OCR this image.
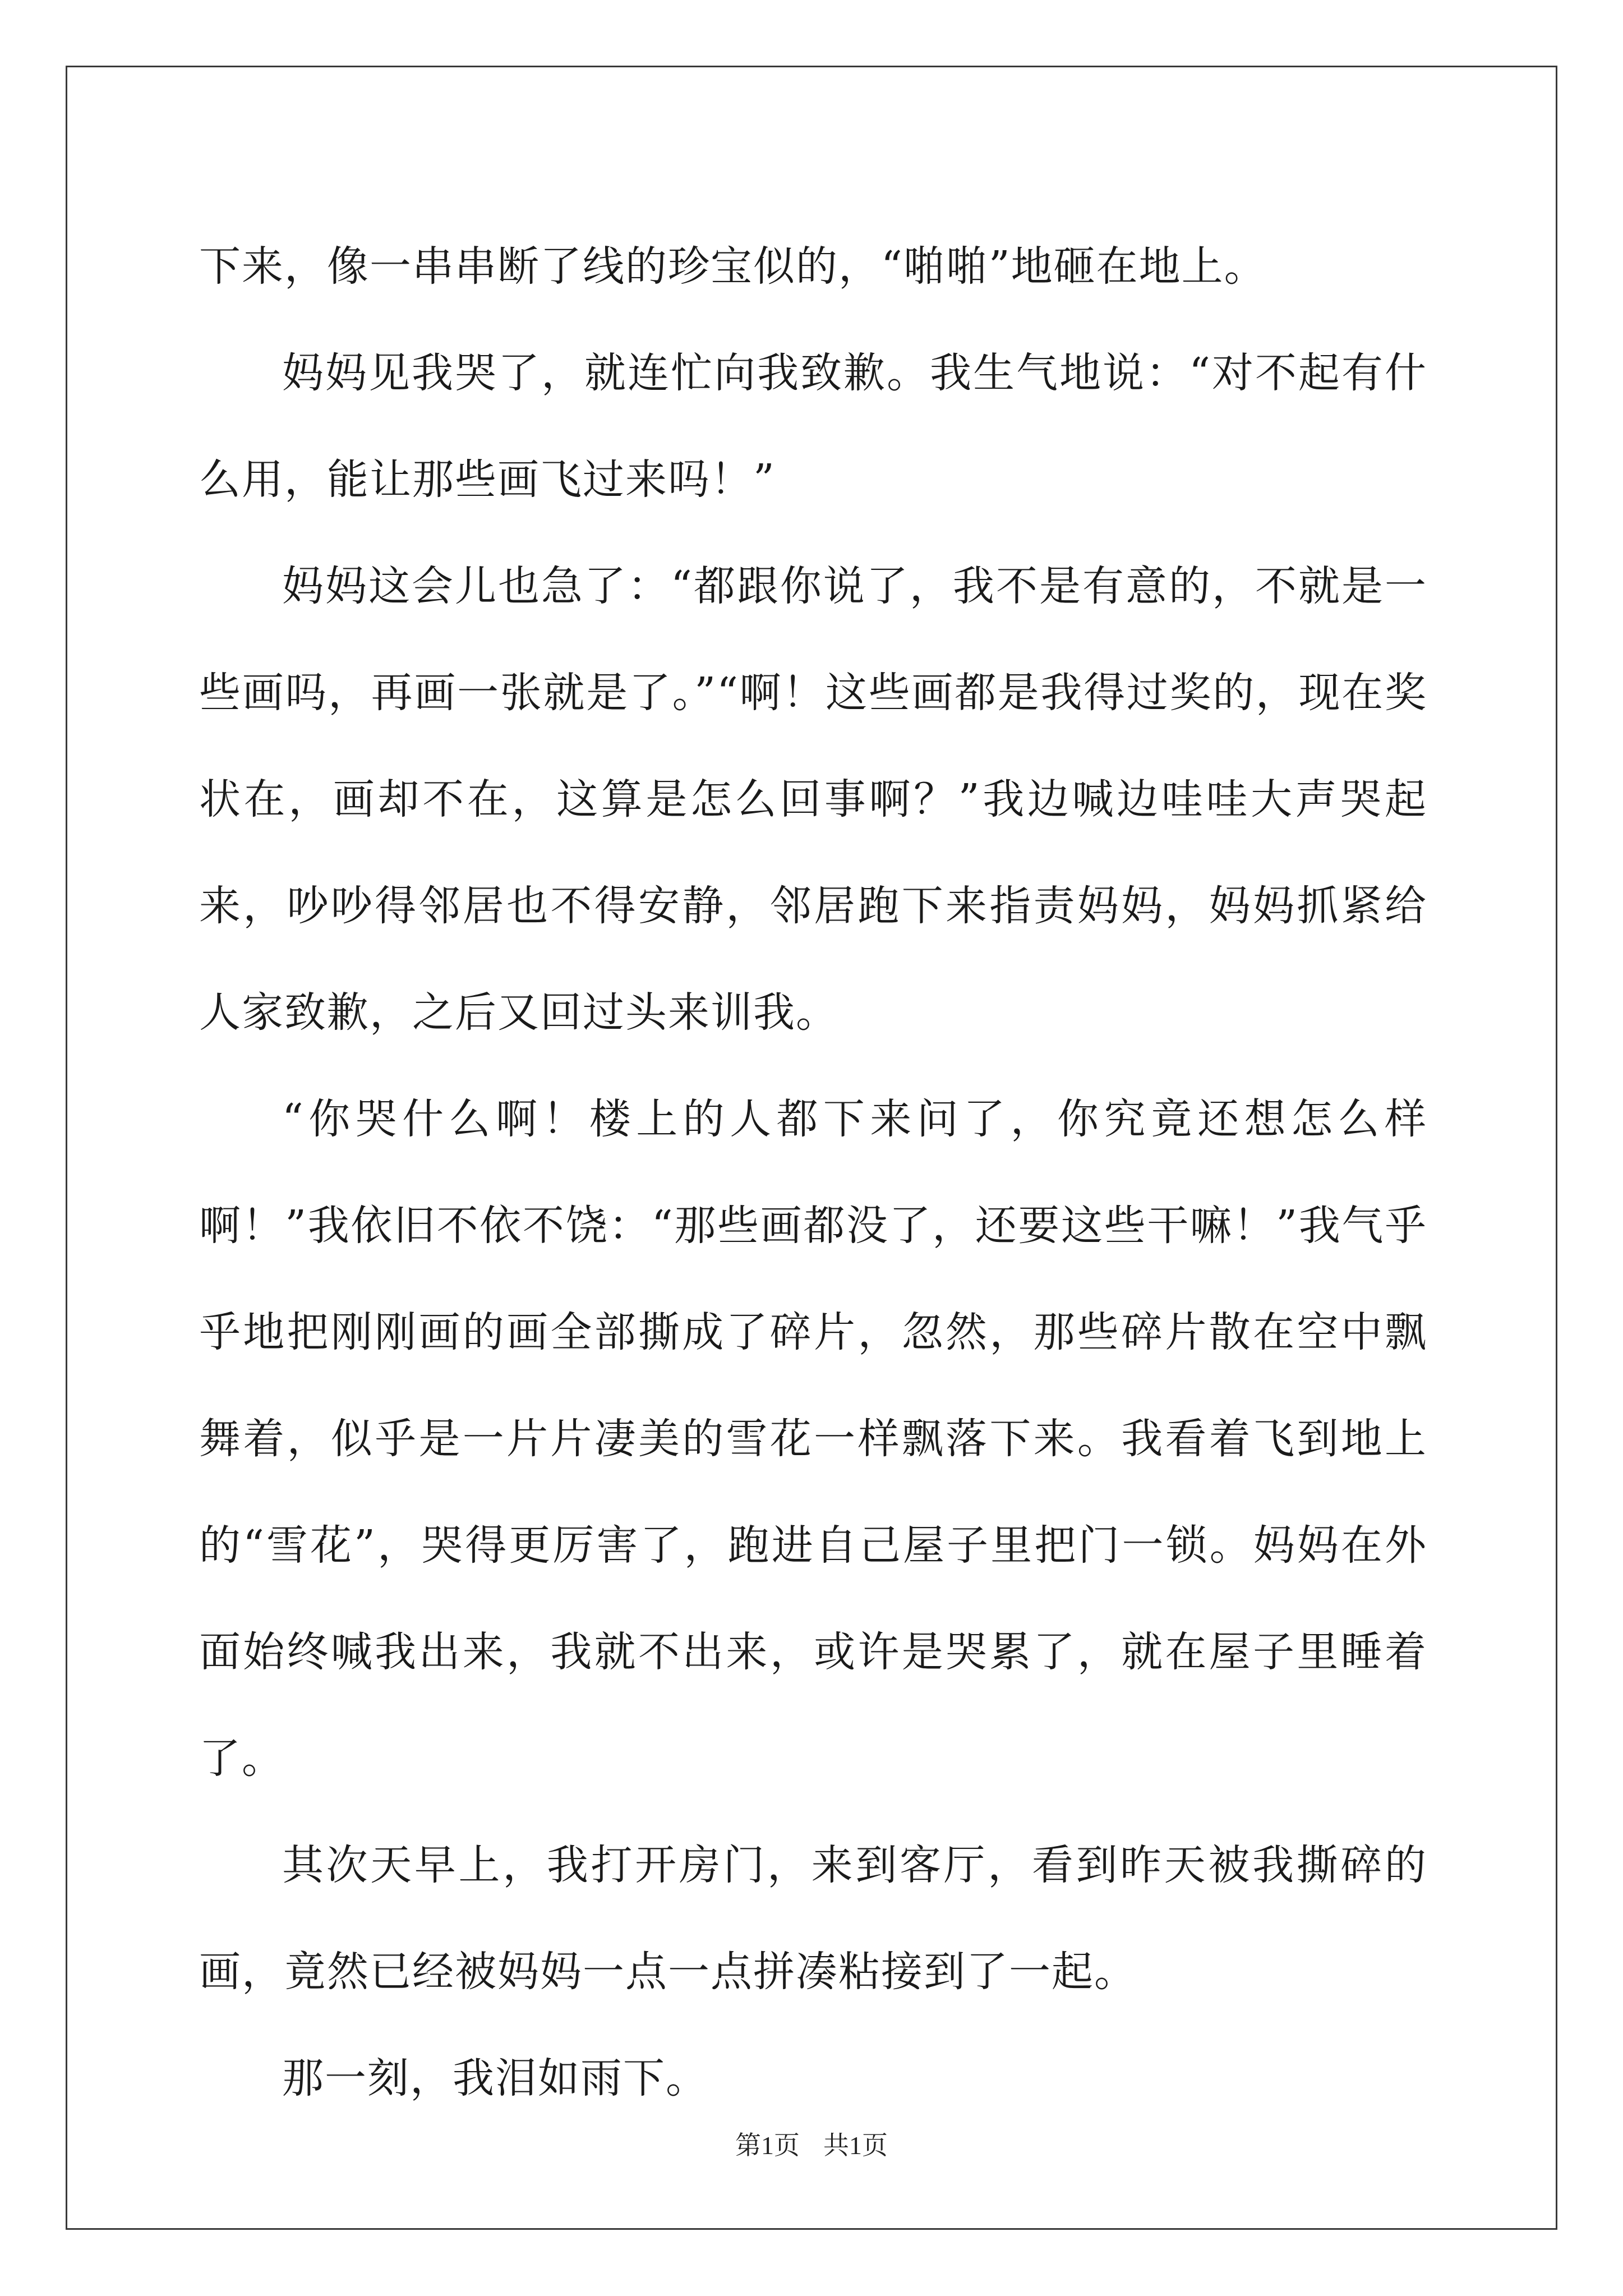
下来，像一串串断了线的珍宝似的，“啪啪”地砸在地上。

妈妈见我哭了，就连忙向我致歉。我生气地说：“对不起有什么用，能让那些画飞过来吗！”

妈妈这会儿也急了：“都跟你说了，我不是有意的，不就是一些画吗，再画一张就是了。”“啊！这些画都是我得过奖的，现在奖状在，画却不在，这算是怎么回事啊？”我边喊边哇哇大声哭起来，吵吵得邻居也不得安静，邻居跑下来指责妈妈，妈妈抓紧给人家致歉，之后又回过头来训我。

“你哭什么啊！楼上的人都下来问了，你究竟还想怎么样啊！”我依旧不依不饶：“那些画都没了，还要这些干嘛！”我气乎乎地把刚刚画的画全部撕成了碎片，忽然，那些碎片散在空中飘舞着，似乎是一片片凄美的雪花一样飘落下来。我看着飞到地上的“雪花”，哭得更厉害了，跑进自己屋子里把门一锁。妈妈在外面始终喊我出来，我就不出来，或许是哭累了，就在屋子里睡着了。

其次天早上，我打开房门，来到客厅，看到昨天被我撕碎的画，竟然已经被妈妈一点一点拼凑粘接到了一起。

那一刻，我泪如雨下。

第1页 共1页
